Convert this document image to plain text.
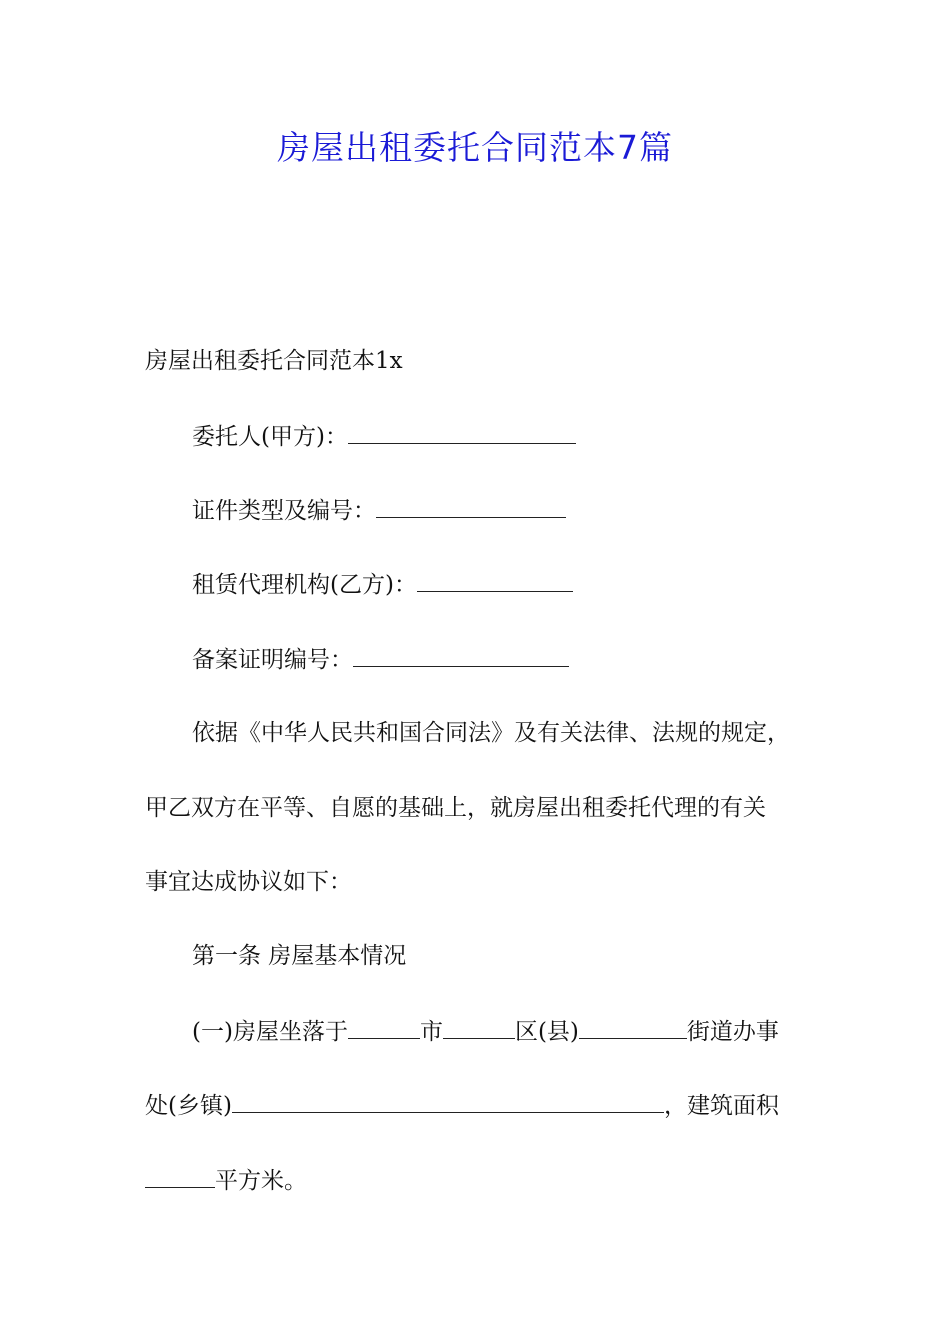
房屋出租委托合同范本7篇
房屋出租委托合同范本1x
委托人(甲方)：
证件类型及编号：
租赁代理机构(乙方)：
备案证明编号：
依据《中华人民共和国合同法》及有关法律、法规的规定，
甲乙双方在平等、自愿的基础上，就房屋出租委托代理的有关
事宜达成协议如下：
第一条 房屋基本情况
(一)房屋坐落于	市	区(县)	街道办事
处(乡镇)	，建筑面积
平方米。
